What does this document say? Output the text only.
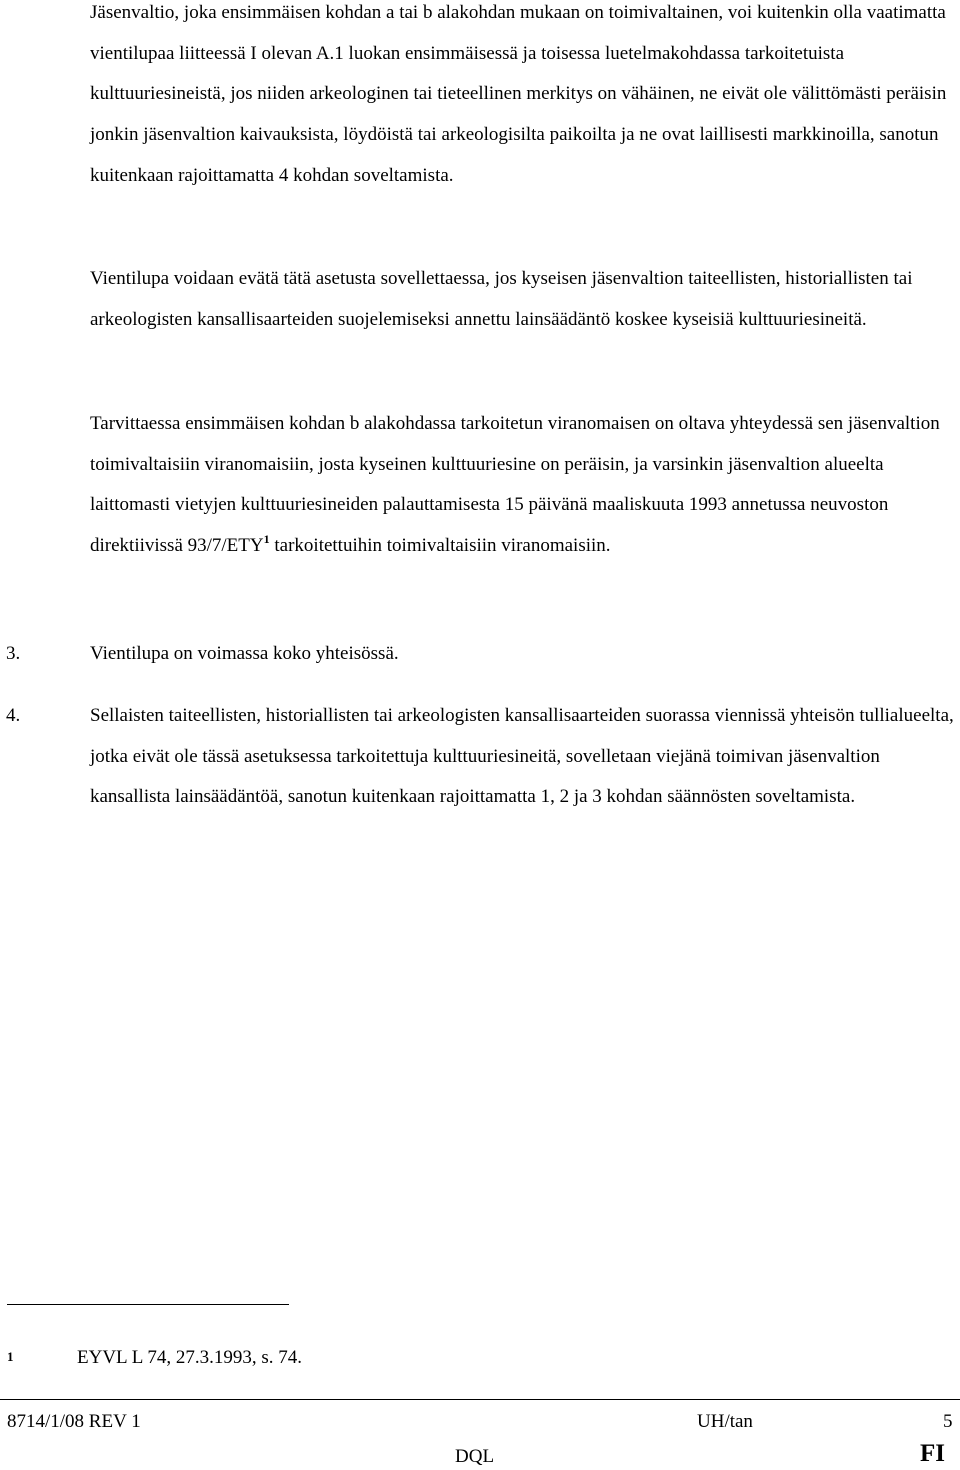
Jäsenvaltio, joka ensimmäisen kohdan a tai b alakohdan mukaan on toimivaltainen, voi kuitenkin olla vaatimatta vientilupaa liitteessä I olevan A.1 luokan ensimmäisessä ja toisessa luetelmakohdassa tarkoitetuista kulttuuriesineistä, jos niiden arkeologinen tai tieteellinen merkitys on vähäinen, ne eivät ole välittömästi peräisin jonkin jäsenvaltion kaivauksista, löydöistä tai arkeologisilta paikoilta ja ne ovat laillisesti markkinoilla, sanotun kuitenkaan rajoittamatta 4 kohdan soveltamista.

Vientilupa voidaan evätä tätä asetusta sovellettaessa, jos kyseisen jäsenvaltion taiteellisten, historiallisten tai arkeologisten kansallisaarteiden suojelemiseksi annettu lainsäädäntö koskee kyseisiä kulttuuriesineitä.

Tarvittaessa ensimmäisen kohdan b alakohdassa tarkoitetun viranomaisen on oltava yhteydessä sen jäsenvaltion toimivaltaisiin viranomaisiin, josta kyseinen kulttuuriesine on peräisin, ja varsinkin jäsenvaltion alueelta laittomasti vietyjen kulttuuriesineiden palauttamisesta 15 päivänä maaliskuuta 1993 annetussa neuvoston direktiivissä 93/7/ETY$^1$ tarkoitettuihin toimivaltaisiin viranomaisiin.

3.	Vientilupa on voimassa koko yhteisössä.

4.	Sellaisten taiteellisten, historiallisten tai arkeologisten kansallisaarteiden suorassa viennissä yhteisön tullialueelta, jotka eivät ole tässä asetuksessa tarkoitettuja kulttuuriesineitä, sovelletaan viejänä toimivan jäsenvaltion kansallista lainsäädäntöä, sanotun kuitenkaan rajoittamatta 1, 2 ja 3 kohdan säännösten soveltamista.

1	EYVL L 74, 27.3.1993, s. 74.
8714/1/08 REV 1	UH/tan	5
DQL	FI
